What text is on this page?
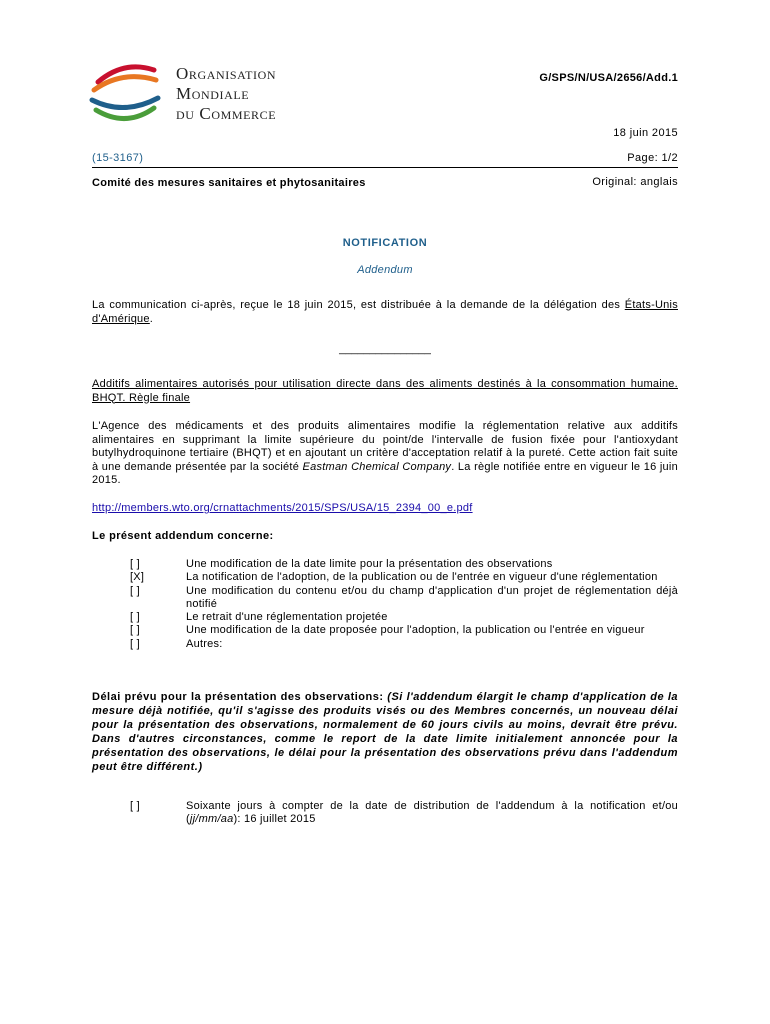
Organisation
Mondiale
du Commerce
G/SPS/N/USA/2656/Add.1
18 juin 2015
(15-3167)	Page: 1/2
Comité des mesures sanitaires et phytosanitaires	Original: anglais
NOTIFICATION
Addendum
La communication ci-après, reçue le 18 juin 2015, est distribuée à la demande de la délégation des États-Unis d'Amérique.
_______________
Additifs alimentaires autorisés pour utilisation directe dans des aliments destinés à la consommation humaine. BHQT. Règle finale
L'Agence des médicaments et des produits alimentaires modifie la réglementation relative aux additifs alimentaires en supprimant la limite supérieure du point/de l'intervalle de fusion fixée pour l'antioxydant butylhydroquinone tertiaire (BHQT) et en ajoutant un critère d'acceptation relatif à la pureté. Cette action fait suite à une demande présentée par la société Eastman Chemical Company. La règle notifiée entre en vigueur le 16 juin 2015.
http://members.wto.org/crnattachments/2015/SPS/USA/15_2394_00_e.pdf
Le présent addendum concerne:
[ ]	Une modification de la date limite pour la présentation des observations
[X]	La notification de l'adoption, de la publication ou de l'entrée en vigueur d'une réglementation
[ ]	Une modification du contenu et/ou du champ d'application d'un projet de réglementation déjà notifié
[ ]	Le retrait d'une réglementation projetée
[ ]	Une modification de la date proposée pour l'adoption, la publication ou l'entrée en vigueur
[ ]	Autres:
Délai prévu pour la présentation des observations: (Si l'addendum élargit le champ d'application de la mesure déjà notifiée, qu'il s'agisse des produits visés ou des Membres concernés, un nouveau délai pour la présentation des observations, normalement de 60 jours civils au moins, devrait être prévu. Dans d'autres circonstances, comme le report de la date limite initialement annoncée pour la présentation des observations, le délai pour la présentation des observations prévu dans l'addendum peut être différent.)
[ ]	Soixante jours à compter de la date de distribution de l'addendum à la notification et/ou (jj/mm/aa): 16 juillet 2015
